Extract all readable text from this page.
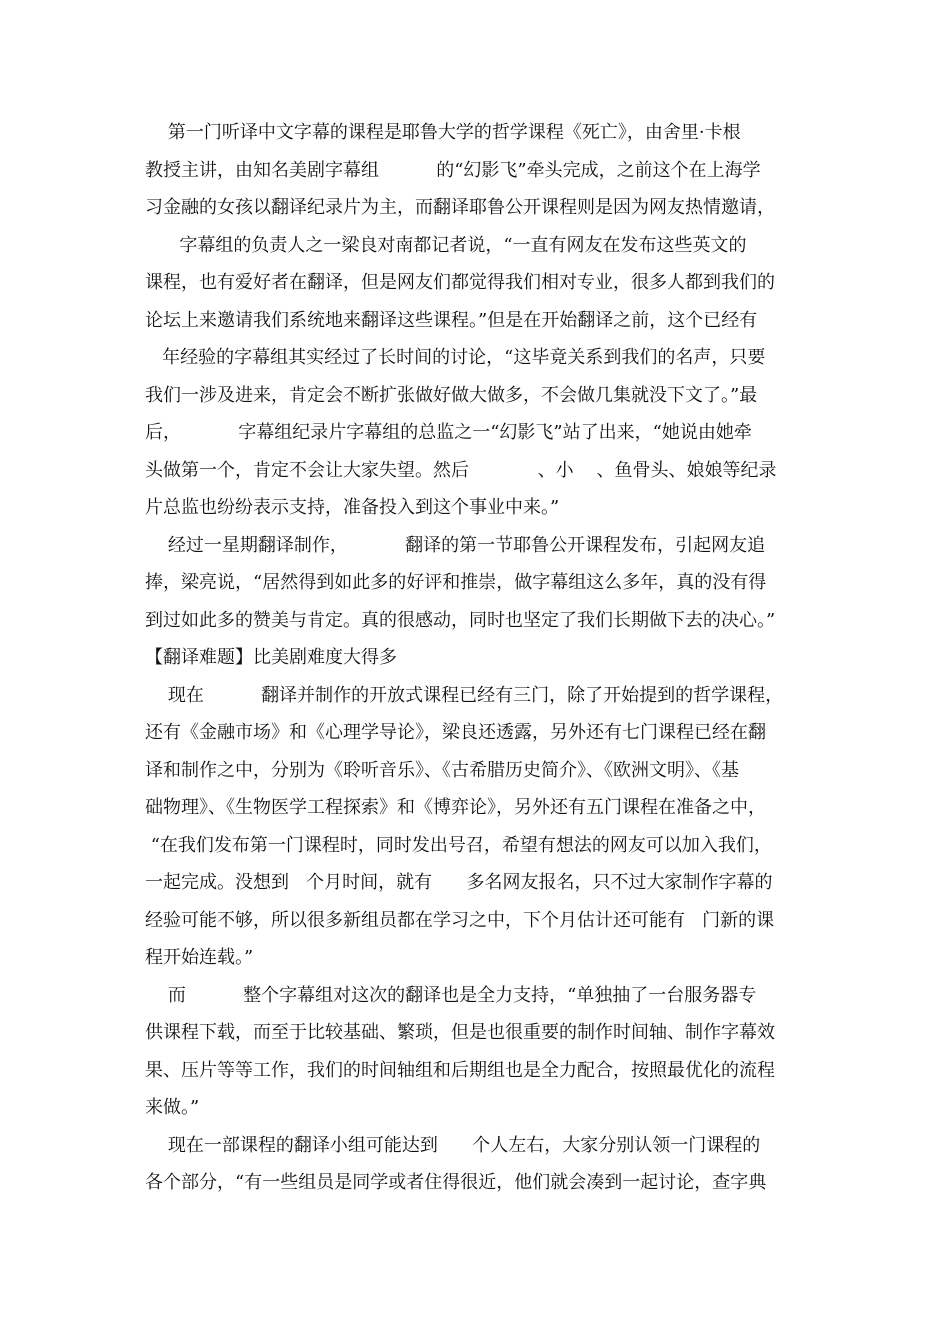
第一门听译中文字幕的课程是耶鲁大学的哲学课程《死亡》，由舍里·卡根
教授主讲，由知名美剧字幕组          的“幻影飞”牵头完成，之前这个在上海学
习金融的女孩以翻译纪录片为主，而翻译耶鲁公开课程则是因为网友热情邀请，
字幕组的负责人之一梁良对南都记者说，“一直有网友在发布这些英文的
课程，也有爱好者在翻译，但是网友们都觉得我们相对专业，很多人都到我们的
论坛上来邀请我们系统地来翻译这些课程。”但是在开始翻译之前，这个已经有
年经验的字幕组其实经过了长时间的讨论，“这毕竟关系到我们的名声，只要
我们一涉及进来，肯定会不断扩张做好做大做多，不会做几集就没下文了。”最
后，          字幕组纪录片字幕组的总监之一“幻影飞”站了出来，“她说由她牵
头做第一个，肯定不会让大家失望。然后            、小    、鱼骨头、娘娘等纪录
片总监也纷纷表示支持，准备投入到这个事业中来。”
经过一星期翻译制作，          翻译的第一节耶鲁公开课程发布，引起网友追
捧，梁亮说，“居然得到如此多的好评和推崇，做字幕组这么多年，真的没有得
到过如此多的赞美与肯定。真的很感动，同时也坚定了我们长期做下去的决心。”
【翻译难题】比美剧难度大得多
现在          翻译并制作的开放式课程已经有三门，除了开始提到的哲学课程，
还有《金融市场》和《心理学导论》，梁良还透露，另外还有七门课程已经在翻
译和制作之中，分别为《聆听音乐》、《古希腊历史简介》、《欧洲文明》、《基
础物理》、《生物医学工程探索》和《博弈论》，另外还有五门课程在准备之中，
“在我们发布第一门课程时，同时发出号召，希望有想法的网友可以加入我们，
一起完成。没想到   个月时间，就有      多名网友报名，只不过大家制作字幕的
经验可能不够，所以很多新组员都在学习之中，下个月估计还可能有   门新的课
程开始连载。”
而          整个字幕组对这次的翻译也是全力支持，“单独抽了一台服务器专
供课程下载，而至于比较基础、繁琐，但是也很重要的制作时间轴、制作字幕效
果、压片等等工作，我们的时间轴组和后期组也是全力配合，按照最优化的流程
来做。”
现在一部课程的翻译小组可能达到      个人左右，大家分别认领一门课程的
各个部分，“有一些组员是同学或者住得很近，他们就会凑到一起讨论，查字典
